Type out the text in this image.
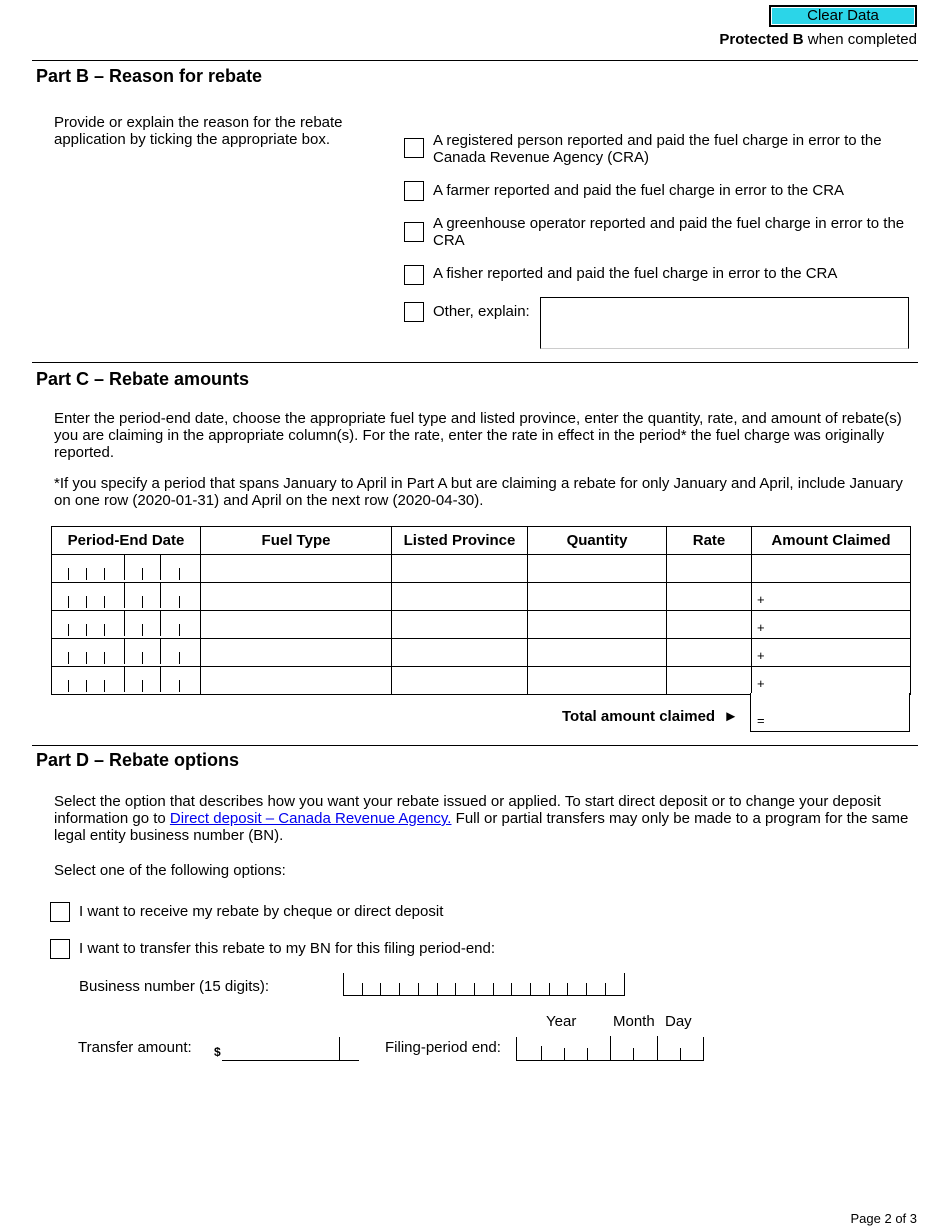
Clear Data
Protected B when completed
Part B – Reason for rebate
Provide or explain the reason for the rebate application by ticking the appropriate box.	A registered person reported and paid the fuel charge in error to the Canada Revenue Agency (CRA)
A farmer reported and paid the fuel charge in error to the CRA
A greenhouse operator reported and paid the fuel charge in error to the CRA
A fisher reported and paid the fuel charge in error to the CRA
Other, explain:
Part C – Rebate amounts
Enter the period-end date, choose the appropriate fuel type and listed province, enter the quantity, rate, and amount of rebate(s) you are claiming in the appropriate column(s). For the rate, enter the rate in effect in the period* the fuel charge was originally reported.
*If you specify a period that spans January to April in Part A but are claiming a rebate for only January and April, include January on one row (2020-01-31) and April on the next row (2020-04-30).
Period-End Date	Fuel Type	Listed Province	Quantity	Rate	Amount Claimed

					+

					+

					+

					+
Total amount claimed ► =
Part D – Rebate options
Select the option that describes how you want your rebate issued or applied. To start direct deposit or to change your deposit information go to Direct deposit – Canada Revenue Agency. Full or partial transfers may only be made to a program for the same legal entity business number (BN).
Select one of the following options:
I want to receive my rebate by cheque or direct deposit
I want to transfer this rebate to my BN for this filing period-end:
Business number (15 digits):
Year Month Day
Transfer amount: $	Filing-period end:
Page 2 of 3
